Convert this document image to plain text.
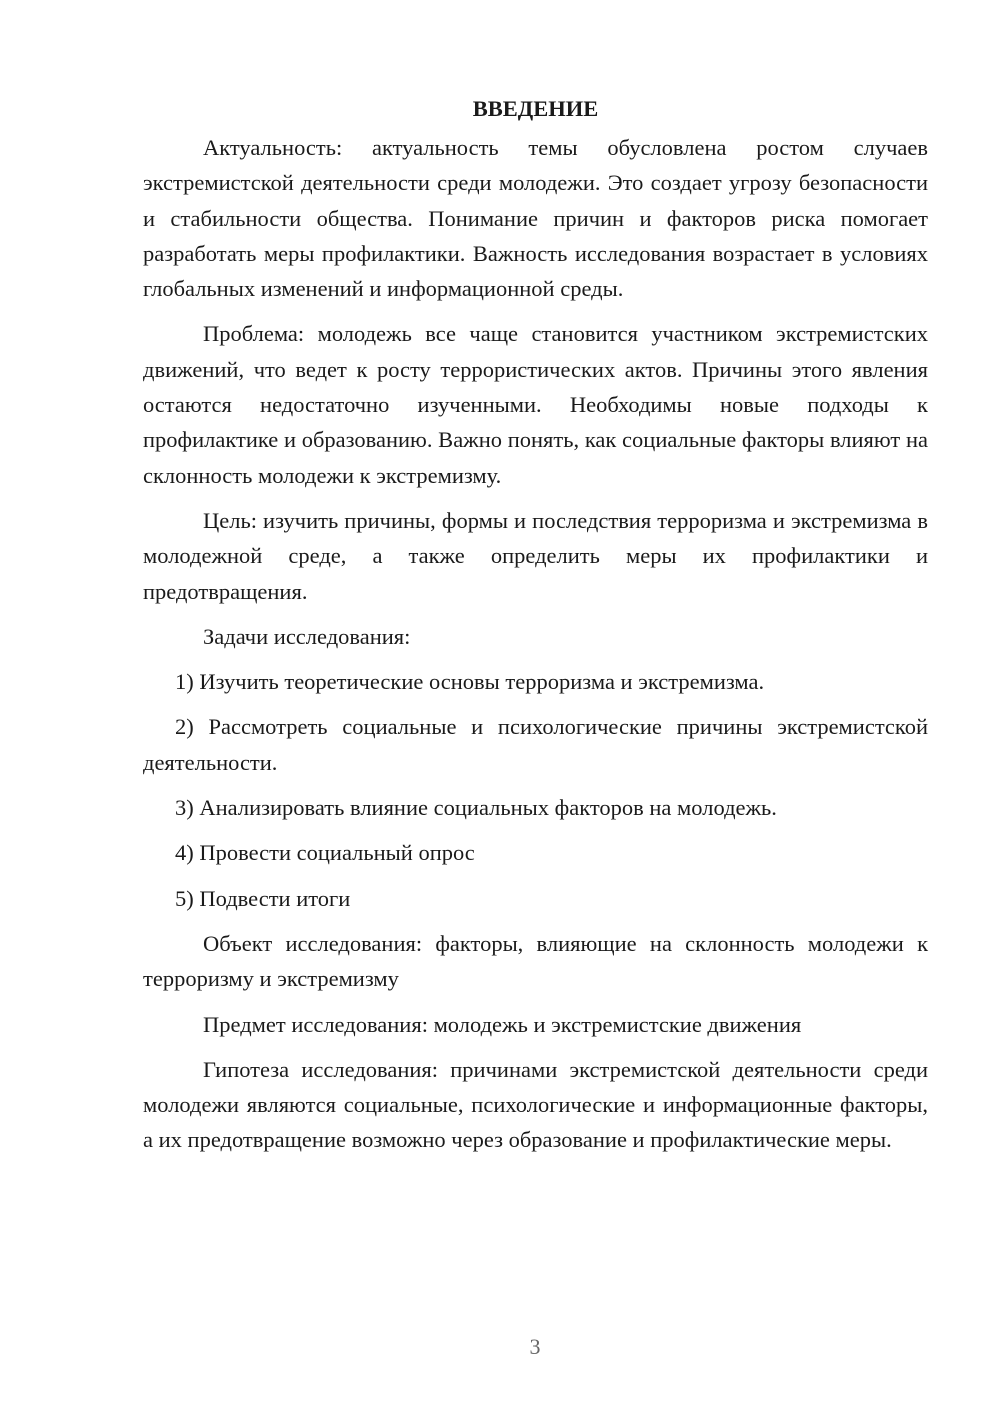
ВВЕДЕНИЕ

Актуальность: актуальность темы обусловлена ростом случаев экстремистской деятельности среди молодежи. Это создает угрозу безопасности и стабильности общества. Понимание причин и факторов риска помогает разработать меры профилактики. Важность исследования возрастает в условиях глобальных изменений и информационной среды.

Проблема: молодежь все чаще становится участником экстремистских движений, что ведет к росту террористических актов. Причины этого явления остаются недостаточно изученными. Необходимы новые подходы к профилактике и образованию. Важно понять, как социальные факторы влияют на склонность молодежи к экстремизму.

Цель: изучить причины, формы и последствия терроризма и экстремизма в молодежной среде, а также определить меры их профилактики и предотвращения.

Задачи исследования:

1) Изучить теоретические основы терроризма и экстремизма.

2) Рассмотреть социальные и психологические причины экстремистской деятельности.

3) Анализировать влияние социальных факторов на молодежь.

4) Провести социальный опрос

5) Подвести итоги

Объект исследования: факторы, влияющие на склонность молодежи к терроризму и экстремизму

Предмет исследования: молодежь и экстремистские движения

Гипотеза исследования: причинами экстремистской деятельности среди молодежи являются социальные, психологические и информационные факторы, а их предотвращение возможно через образование и профилактические меры.

3
